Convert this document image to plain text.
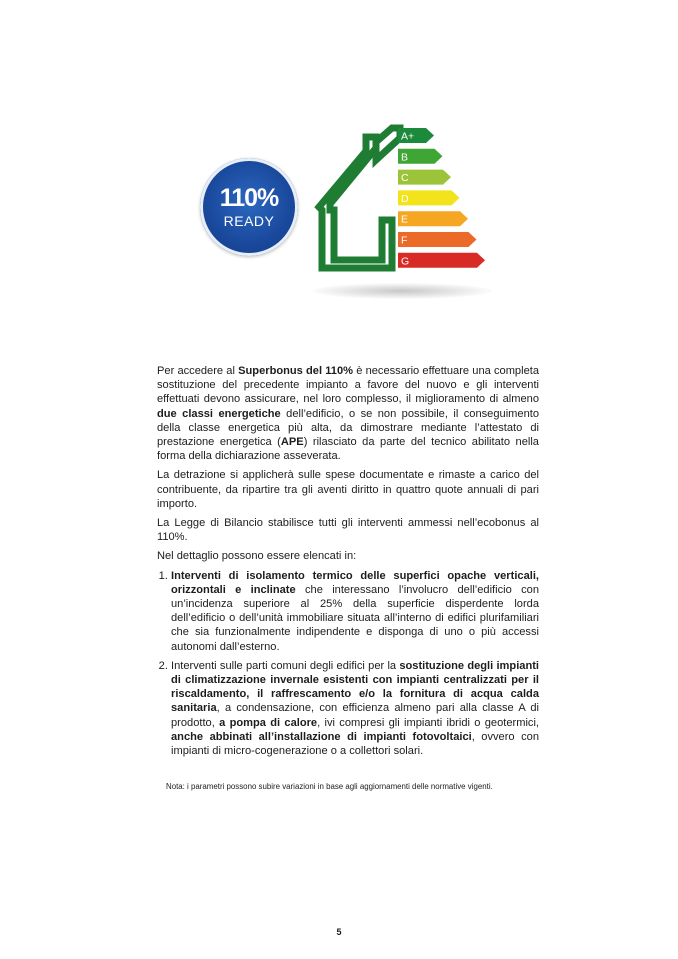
110%
READY
A+
B
C
D
E
F
G

Per accedere al Superbonus del 110% è necessario effettuare una completa sostituzione del precedente impianto a favore del nuovo e gli interventi effettuati devono assicurare, nel loro complesso, il miglioramento di almeno due classi energetiche dell’edificio, o se non possibile, il conseguimento della classe energetica più alta, da dimostrare mediante l’attestato di prestazione energetica (APE) rilasciato da parte del tecnico abilitato nella forma della dichiarazione asseverata.

La detrazione si applicherà sulle spese documentate e rimaste a carico del contribuente, da ripartire tra gli aventi diritto in quattro quote annuali di pari importo.

La Legge di Bilancio stabilisce tutti gli interventi ammessi nell’ecobonus al 110%.

Nel dettaglio possono essere elencati in:

1. Interventi di isolamento termico delle superfici opache verticali, orizzontali e inclinate che interessano l’involucro dell’edificio con un’incidenza superiore al 25% della superficie disperdente lorda dell’edificio o dell’unità immobiliare situata all’interno di edifici plurifamiliari che sia funzionalmente indipendente e disponga di uno o più accessi autonomi dall’esterno.
2. Interventi sulle parti comuni degli edifici per la sostituzione degli impianti di climatizzazione invernale esistenti con impianti centralizzati per il riscaldamento, il raffrescamento e/o la fornitura di acqua calda sanitaria, a condensazione, con efficienza almeno pari alla classe A di prodotto, a pompa di calore, ivi compresi gli impianti ibridi o geotermici, anche abbinati all’installazione di impianti fotovoltaici, ovvero con impianti di micro-cogenerazione o a collettori solari.
Nota: i parametri possono subire variazioni in base agli aggiornamenti delle normative vigenti.
5
